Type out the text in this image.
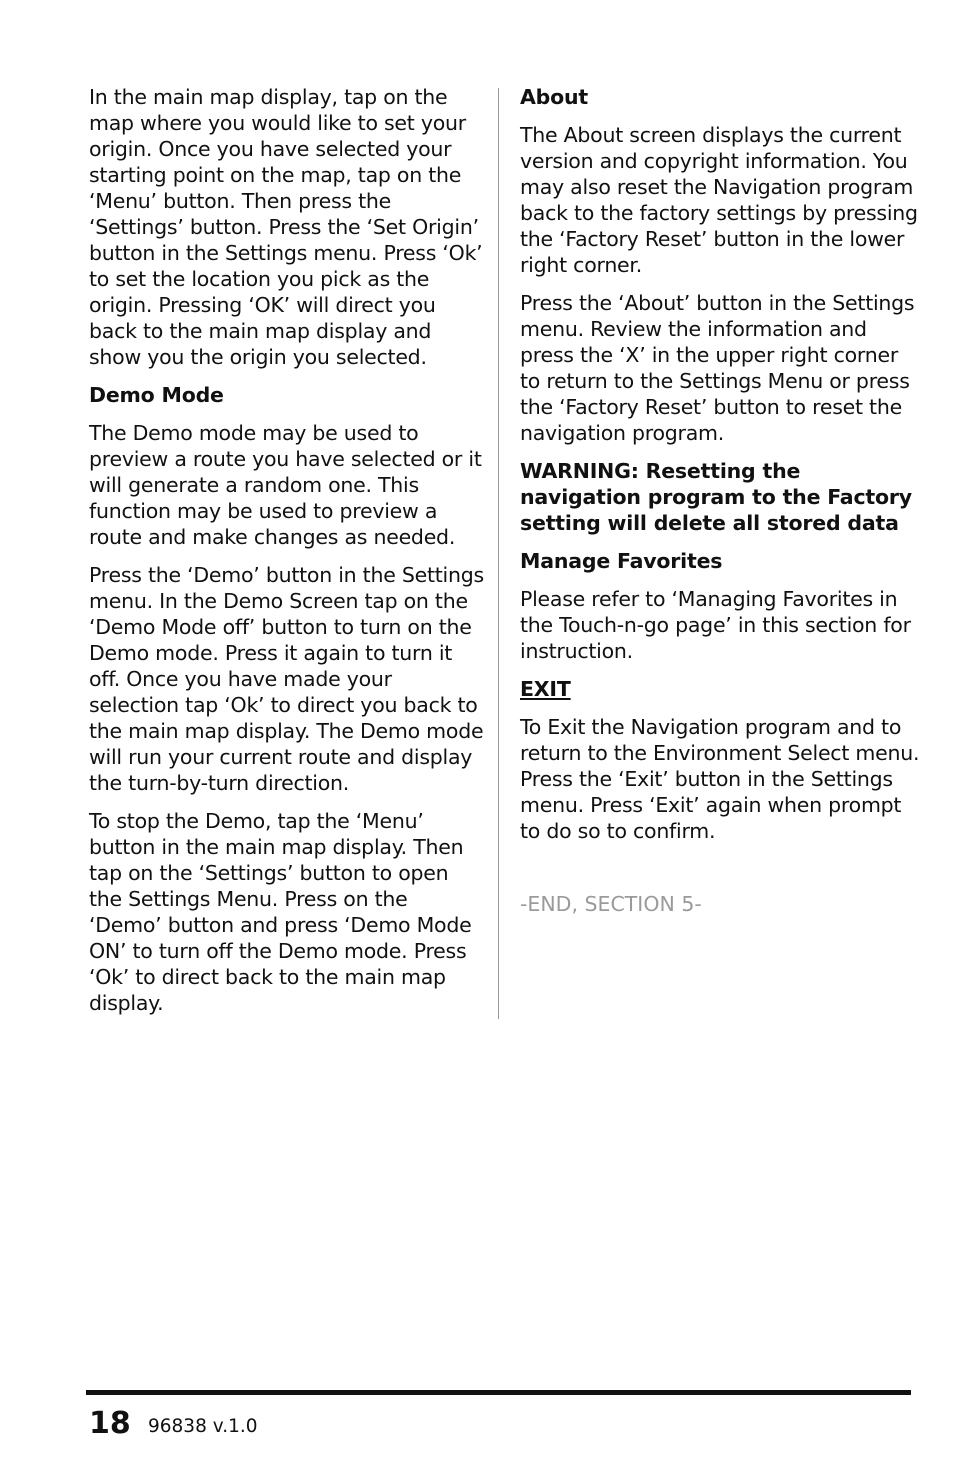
In the main map display, tap on the map where you would like to set your origin. Once you have selected your starting point on the map, tap on the ‘Menu’ button. Then press the ‘Settings’ button. Press the ‘Set Origin’ button in the Settings menu. Press ‘Ok’ to set the location you pick as the origin. Pressing ‘OK’ will direct you back to the main map display and show you the origin you selected.

Demo Mode

The Demo mode may be used to preview a route you have selected or it will generate a random one. This function may be used to preview a route and make changes as needed.

Press the ‘Demo’ button in the Settings menu. In the Demo Screen tap on the ‘Demo Mode off’ button to turn on the Demo mode. Press it again to turn it off. Once you have made your selection tap ‘Ok’ to direct you back to the main map display. The Demo mode will run your current route and display the turn-by-turn direction.

To stop the Demo, tap the ‘Menu’ button in the main map display. Then tap on the ‘Settings’ button to open the Settings Menu. Press on the ‘Demo’ button and press ‘Demo Mode ON’ to turn off the Demo mode. Press ‘Ok’ to direct back to the main map display.

About

The About screen displays the current version and copyright information. You may also reset the Navigation program back to the factory settings by pressing the ‘Factory Reset’ button in the lower right corner.

Press the ‘About’ button in the Settings menu. Review the information and press the ‘X’ in the upper right corner to return to the Settings Menu or press the ‘Factory Reset’ button to reset the navigation program.

WARNING: Resetting the navigation program to the Factory setting will delete all stored data
Manage Favorites

Please refer to ‘Managing Favorites in the Touch-n-go page’ in this section for instruction.

EXIT

To Exit the Navigation program and to return to the Environment Select menu. Press the ‘Exit’ button in the Settings menu. Press ‘Exit’ again when prompt to do so to confirm.

-END, SECTION 5-
18 96838 v.1.0
